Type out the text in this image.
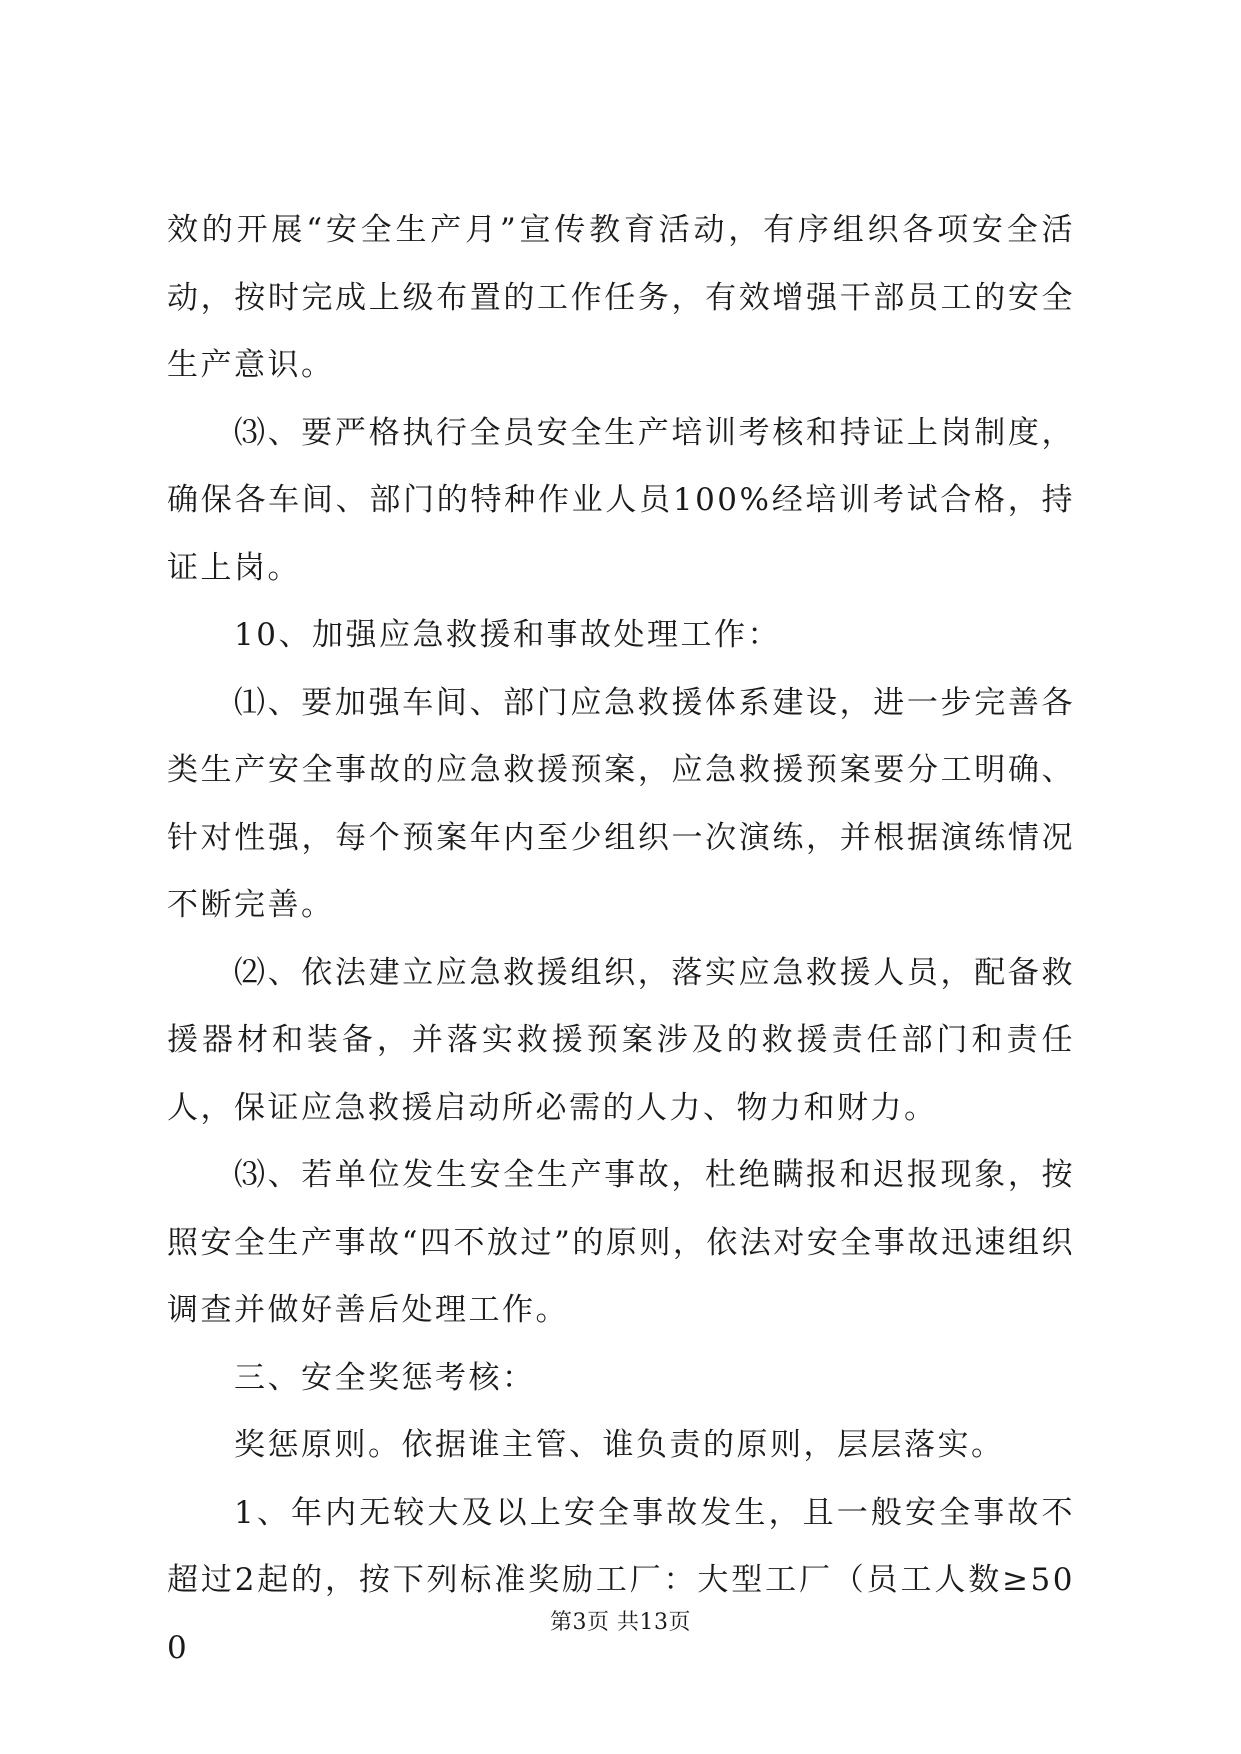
效的开展“安全生产月”宣传教育活动，有序组织各项安全活动，按时完成上级布置的工作任务，有效增强干部员工的安全生产意识。

⑶、要严格执行全员安全生产培训考核和持证上岗制度，确保各车间、部门的特种作业人员100%经培训考试合格，持证上岗。

10、加强应急救援和事故处理工作：

⑴、要加强车间、部门应急救援体系建设，进一步完善各类生产安全事故的应急救援预案，应急救援预案要分工明确、针对性强，每个预案年内至少组织一次演练，并根据演练情况不断完善。

⑵、依法建立应急救援组织，落实应急救援人员，配备救援器材和装备，并落实救援预案涉及的救援责任部门和责任人，保证应急救援启动所必需的人力、物力和财力。

⑶、若单位发生安全生产事故，杜绝瞒报和迟报现象，按照安全生产事故“四不放过”的原则，依法对安全事故迅速组织调查并做好善后处理工作。

三、安全奖惩考核：

奖惩原则。依据谁主管、谁负责的原则，层层落实。

1、年内无较大及以上安全事故发生，且一般安全事故不超过2起的，按下列标准奖励工厂：大型工厂（员工人数≥500

第3页 共13页
